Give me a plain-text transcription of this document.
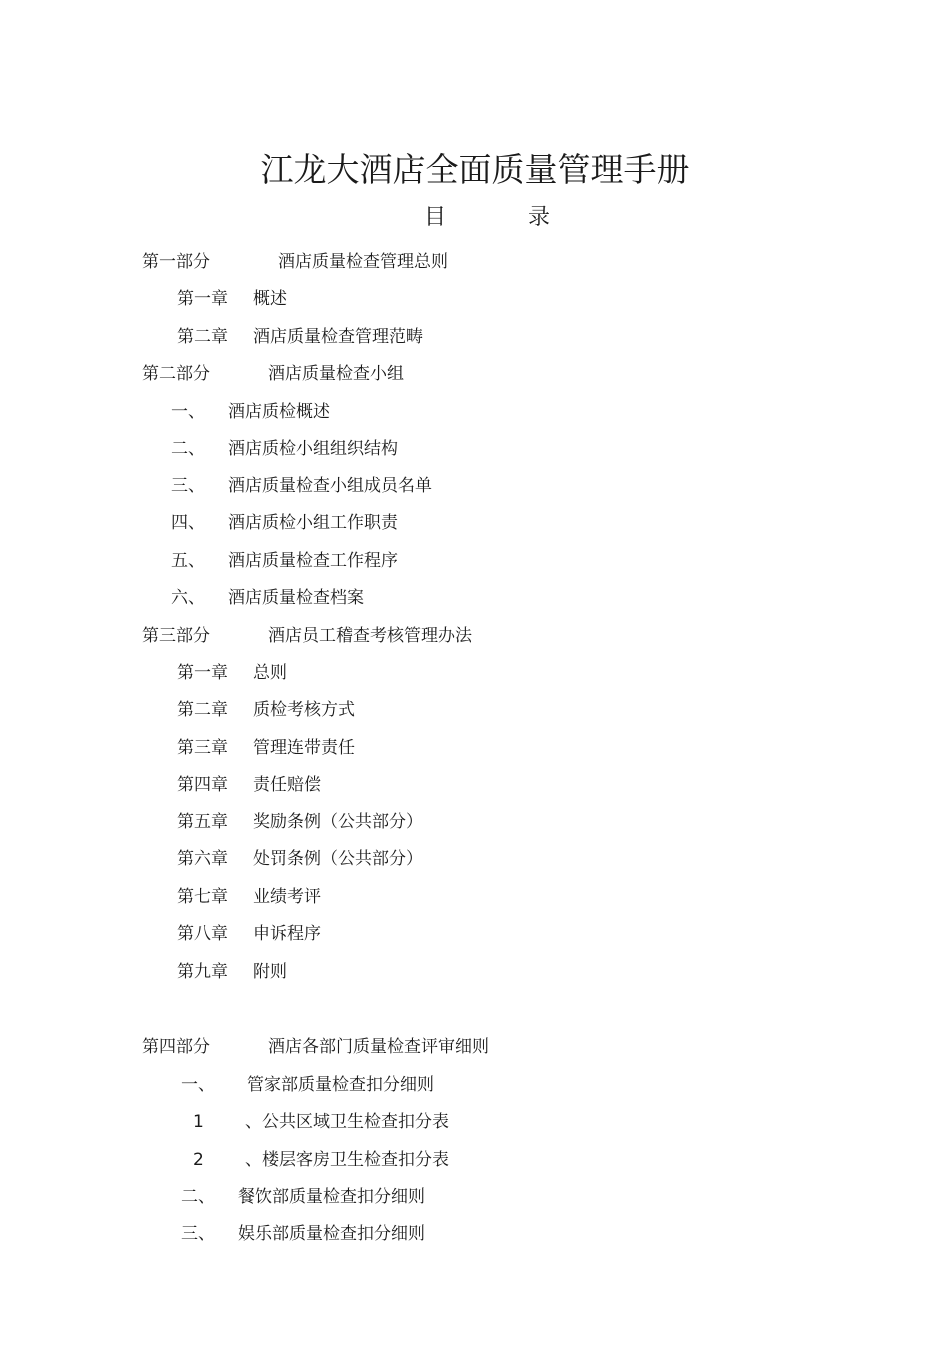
江龙大酒店全面质量管理手册
目	录
第一部分	酒店质量检查管理总则
第一章 概述
第二章 酒店质量检查管理范畴
第二部分	酒店质量检查小组
一、 酒店质检概述
二、 酒店质检小组组织结构
三、 酒店质量检查小组成员名单
四、 酒店质检小组工作职责
五、 酒店质量检查工作程序
六、 酒店质量检查档案
第三部分	酒店员工稽查考核管理办法
第一章 总则
第二章 质检考核方式
第三章 管理连带责任
第四章 责任赔偿
第五章 奖励条例（公共部分）
第六章 处罚条例（公共部分）
第七章 业绩考评
第八章 申诉程序
第九章 附则
第四部分	酒店各部门质量检查评审细则
一、 管家部质量检查扣分细则
1 、公共区域卫生检查扣分表
2 、楼层客房卫生检查扣分表
二、 餐饮部质量检查扣分细则
三、 娱乐部质量检查扣分细则
